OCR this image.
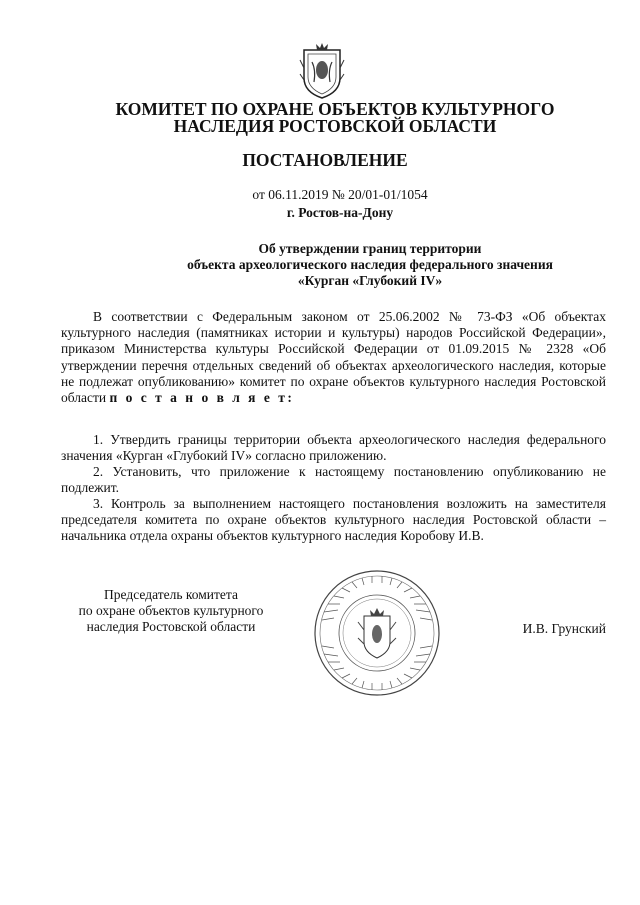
КОМИТЕТ ПО ОХРАНЕ ОБЪЕКТОВ КУЛЬТУРНОГО
НАСЛЕДИЯ РОСТОВСКОЙ ОБЛАСТИ
ПОСТАНОВЛЕНИЕ
от 06.11.2019 № 20/01-01/1054
г. Ростов-на-Дону
Об утверждении границ территории
объекта археологического наследия федерального значения
«Курган «Глубокий IV»

В соответствии с Федеральным законом от 25.06.2002 № 73-ФЗ «Об объектах культурного наследия (памятниках истории и культуры) народов Российской Федерации», приказом Министерства культуры Российской Федерации от 01.09.2015 № 2328 «Об утверждении перечня отдельных сведений об объектах археологического наследия, которые не подлежат опубликованию» комитет по охране объектов культурного наследия Ростовской области п о с т а н о в л я е т:

1. Утвердить границы территории объекта археологического наследия федерального значения «Курган «Глубокий IV» согласно приложению.

2. Установить, что приложение к настоящему постановлению опубликованию не подлежит.

3. Контроль за выполнением настоящего постановления возложить на заместителя председателя комитета по охране объектов культурного наследия Ростовской области – начальника отдела охраны объектов культурного наследия Коробову И.В.

Председатель комитета
по охране объектов культурного
наследия Ростовской области	И.В. Грунский
